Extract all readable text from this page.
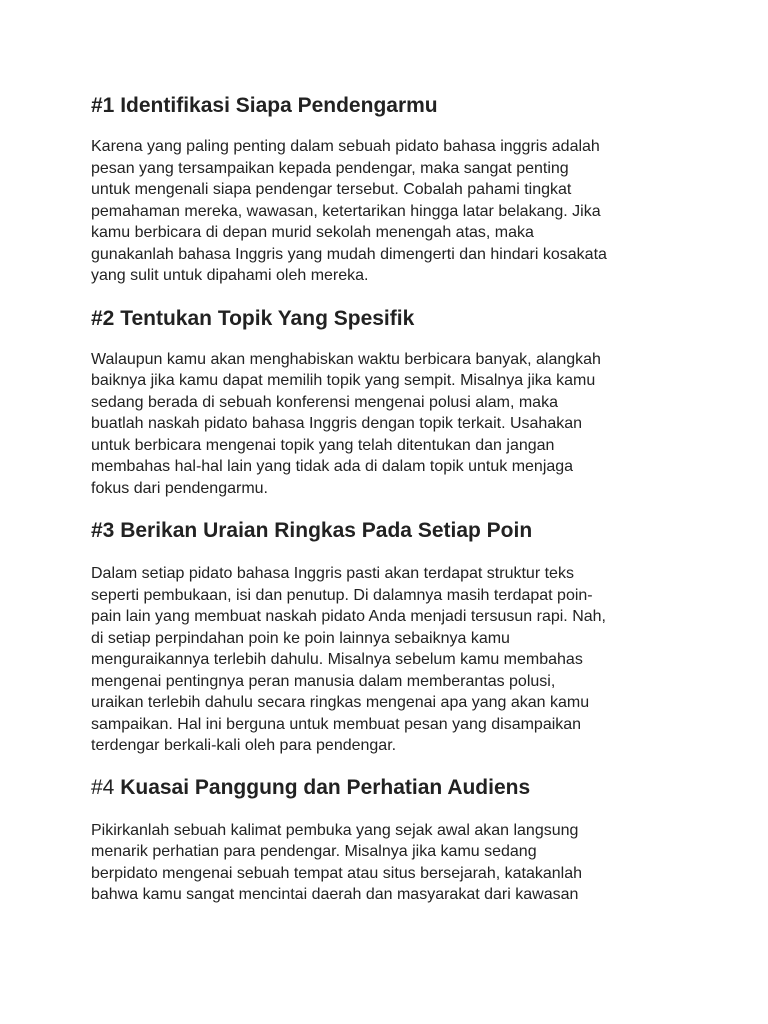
#1 Identifikasi Siapa Pendengarmu

Karena yang paling penting dalam sebuah pidato bahasa inggris adalah
pesan yang tersampaikan kepada pendengar, maka sangat penting
untuk mengenali siapa pendengar tersebut. Cobalah pahami tingkat
pemahaman mereka, wawasan, ketertarikan hingga latar belakang. Jika
kamu berbicara di depan murid sekolah menengah atas, maka
gunakanlah bahasa Inggris yang mudah dimengerti dan hindari kosakata
yang sulit untuk dipahami oleh mereka.

#2 Tentukan Topik Yang Spesifik

Walaupun kamu akan menghabiskan waktu berbicara banyak, alangkah
baiknya jika kamu dapat memilih topik yang sempit. Misalnya jika kamu
sedang berada di sebuah konferensi mengenai polusi alam, maka
buatlah naskah pidato bahasa Inggris dengan topik terkait. Usahakan
untuk berbicara mengenai topik yang telah ditentukan dan jangan
membahas hal-hal lain yang tidak ada di dalam topik untuk menjaga
fokus dari pendengarmu.

#3 Berikan Uraian Ringkas Pada Setiap Poin

Dalam setiap pidato bahasa Inggris pasti akan terdapat struktur teks
seperti pembukaan, isi dan penutup. Di dalamnya masih terdapat poin-
pain lain yang membuat naskah pidato Anda menjadi tersusun rapi. Nah,
di setiap perpindahan poin ke poin lainnya sebaiknya kamu
menguraikannya terlebih dahulu. Misalnya sebelum kamu membahas
mengenai pentingnya peran manusia dalam memberantas polusi,
uraikan terlebih dahulu secara ringkas mengenai apa yang akan kamu
sampaikan. Hal ini berguna untuk membuat pesan yang disampaikan
terdengar berkali-kali oleh para pendengar.

#4 Kuasai Panggung dan Perhatian Audiens

Pikirkanlah sebuah kalimat pembuka yang sejak awal akan langsung
menarik perhatian para pendengar. Misalnya jika kamu sedang
berpidato mengenai sebuah tempat atau situs bersejarah, katakanlah
bahwa kamu sangat mencintai daerah dan masyarakat dari kawasan
